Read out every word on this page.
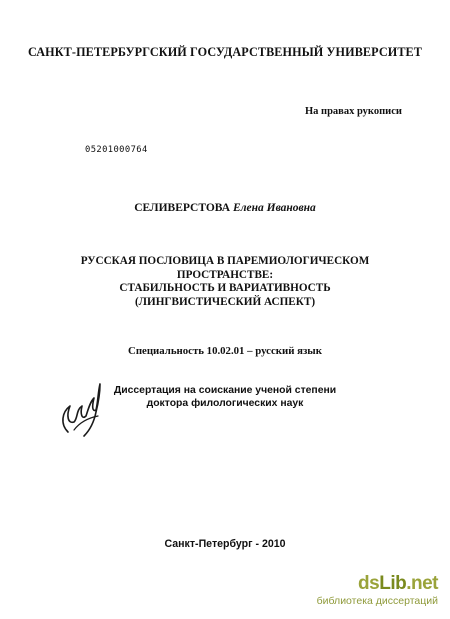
САНКТ-ПЕТЕРБУРГСКИЙ ГОСУДАРСТВЕННЫЙ УНИВЕРСИТЕТ
На правах рукописи
05201000764
СЕЛИВЕРСТОВА Елена Ивановна
РУССКАЯ ПОСЛОВИЦА В ПАРЕМИОЛОГИЧЕСКОМ
ПРОСТРАНСТВЕ:
СТАБИЛЬНОСТЬ И ВАРИАТИВНОСТЬ
(ЛИНГВИСТИЧЕСКИЙ АСПЕКТ)
Специальность 10.02.01 – русский язык
Диссертация на соискание ученой степени
доктора филологических наук
Санкт-Петербург - 2010
dsLib.net
библиотека диссертаций
